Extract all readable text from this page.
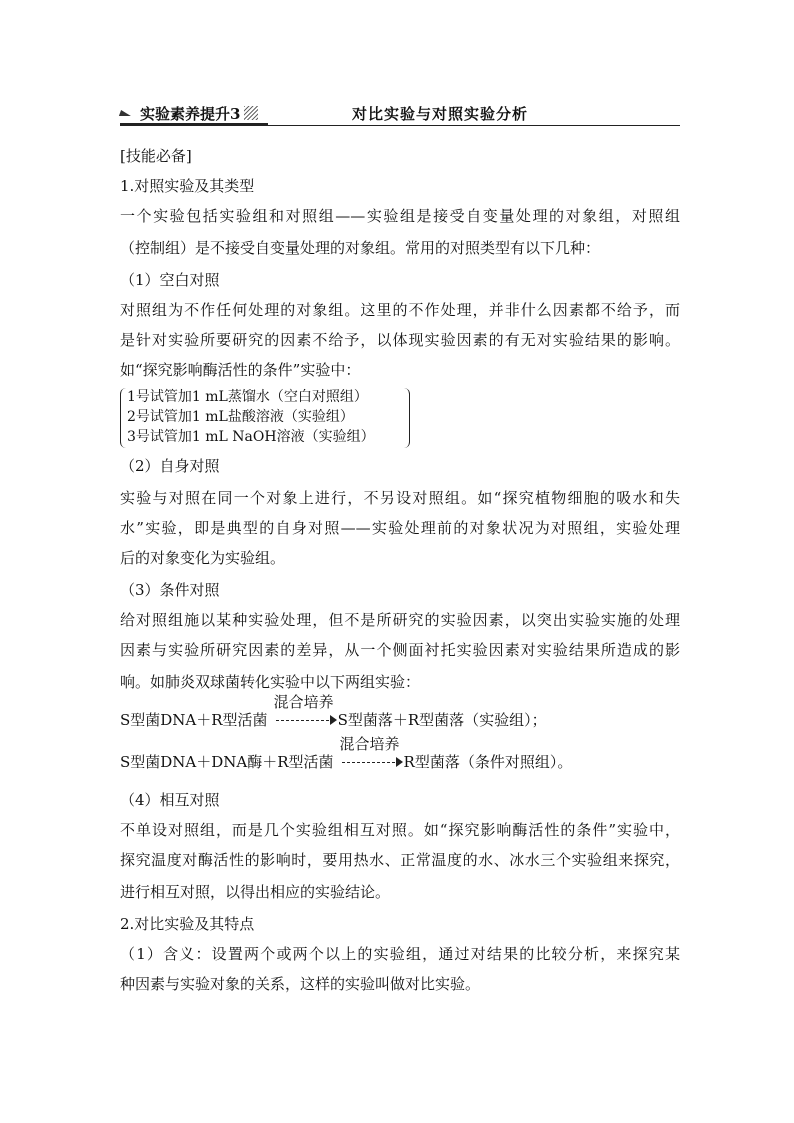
实验素养提升3	对比实验与对照实验分析
[技能必备]
1.对照实验及其类型
一个实验包括实验组和对照组——实验组是接受自变量处理的对象组，对照组
（控制组）是不接受自变量处理的对象组。常用的对照类型有以下几种：
（1）空白对照
对照组为不作任何处理的对象组。这里的不作处理，并非什么因素都不给予，而
是针对实验所要研究的因素不给予，以体现实验因素的有无对实验结果的影响。
如“探究影响酶活性的条件”实验中：
1号试管加1 mL蒸馏水（空白对照组）
2号试管加1 mL盐酸溶液（实验组）
3号试管加1 mL NaOH溶液（实验组）
（2）自身对照
实验与对照在同一个对象上进行，不另设对照组。如“探究植物细胞的吸水和失
水”实验，即是典型的自身对照——实验处理前的对象状况为对照组，实验处理
后的对象变化为实验组。
（3）条件对照
给对照组施以某种实验处理，但不是所研究的实验因素，以突出实验实施的处理
因素与实验所研究因素的差异，从一个侧面衬托实验因素对实验结果所造成的影
响。如肺炎双球菌转化实验中以下两组实验：
S型菌DNA＋R型活菌
混合培养
S型菌落＋R型菌落（实验组）；
S型菌DNA＋DNA酶＋R型活菌
混合培养
R型菌落（条件对照组）。
（4）相互对照
不单设对照组，而是几个实验组相互对照。如“探究影响酶活性的条件”实验中，
探究温度对酶活性的影响时，要用热水、正常温度的水、冰水三个实验组来探究，
进行相互对照，以得出相应的实验结论。
2.对比实验及其特点
（1）含义：设置两个或两个以上的实验组，通过对结果的比较分析，来探究某
种因素与实验对象的关系，这样的实验叫做对比实验。
